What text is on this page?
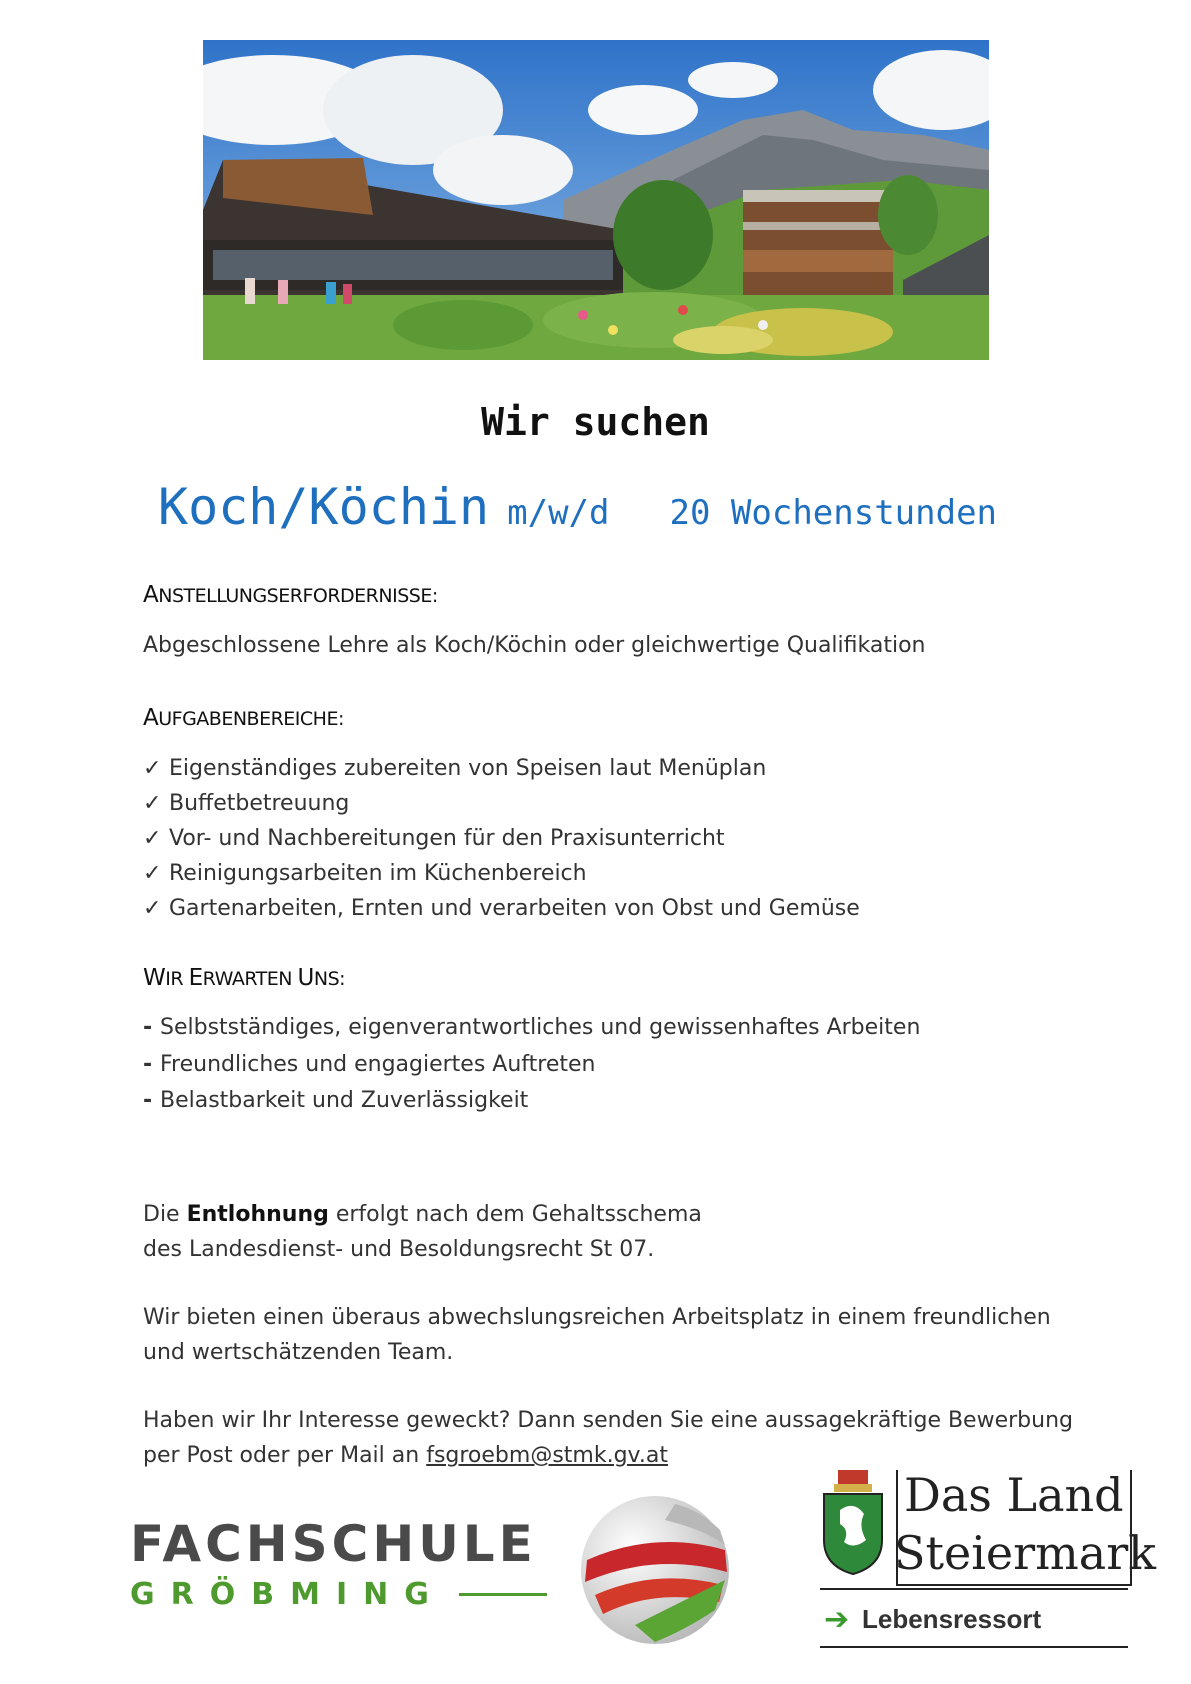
Wir suchen
Koch/Köchin m/w/d 20 Wochenstunden
ANSTELLUNGSERFORDERNISSE:
Abgeschlossene Lehre als Koch/Köchin oder gleichwertige Qualifikation
AUFGABENBEREICHE:
✓ Eigenständiges zubereiten von Speisen laut Menüplan
✓ Buffetbetreuung
✓ Vor- und Nachbereitungen für den Praxisunterricht
✓ Reinigungsarbeiten im Küchenbereich
✓ Gartenarbeiten, Ernten und verarbeiten von Obst und Gemüse
WIR ERWARTEN UNS:
- Selbstständiges, eigenverantwortliches und gewissenhaftes Arbeiten
- Freundliches und engagiertes Auftreten
- Belastbarkeit und Zuverlässigkeit
Die Entlohnung erfolgt nach dem Gehaltsschema
des Landesdienst- und Besoldungsrecht St 07.
Wir bieten einen überaus abwechslungsreichen Arbeitsplatz in einem freundlichen
und wertschätzenden Team.
Haben wir Ihr Interesse geweckt? Dann senden Sie eine aussagekräftige Bewerbung
per Post oder per Mail an fsgroebm@stmk.gv.at
FACHSCHULE
GRÖBMING
Das Land
Steiermark
➔ Lebensressort
